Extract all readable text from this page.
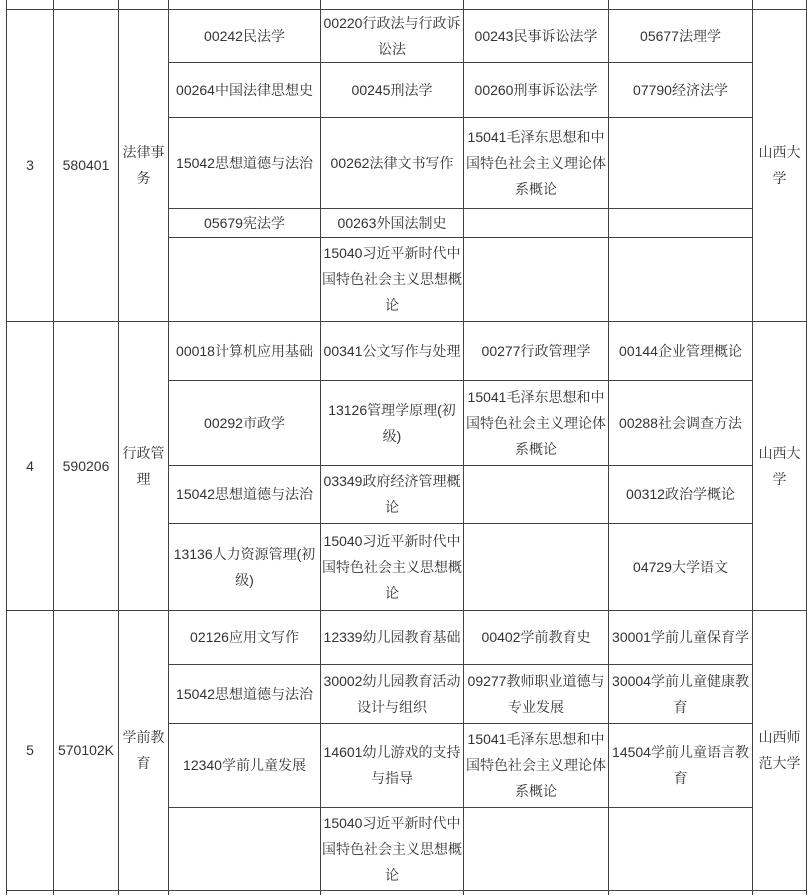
3	580401	法律事务	00242民法学	00220行政法与行政诉讼法	00243民事诉讼法学	05677法理学	山西大学
			00264中国法律思想史	00245刑法学	00260刑事诉讼法学	07790经济法学	
			15042思想道德与法治	00262法律文书写作	15041毛泽东思想和中国特色社会主义理论体系概论		
			05679宪法学	00263外国法制史			
				15040习近平新时代中国特色社会主义思想概论			
4	590206	行政管理	00018计算机应用基础	00341公文写作与处理	00277行政管理学	00144企业管理概论	山西大学
			00292市政学	13126管理学原理(初级)	15041毛泽东思想和中国特色社会主义理论体系概论	00288社会调查方法	
			15042思想道德与法治	03349政府经济管理概论		00312政治学概论	
			13136人力资源管理(初级)	15040习近平新时代中国特色社会主义思想概论		04729大学语文	
5	570102K	学前教育	02126应用文写作	12339幼儿园教育基础	00402学前教育史	30001学前儿童保育学	山西师范大学
			15042思想道德与法治	30002幼儿园教育活动设计与组织	09277教师职业道德与专业发展	30004学前儿童健康教育	
			12340学前儿童发展	14601幼儿游戏的支持与指导	15041毛泽东思想和中国特色社会主义理论体系概论	14504学前儿童语言教育	
				15040习近平新时代中国特色社会主义思想概论			
